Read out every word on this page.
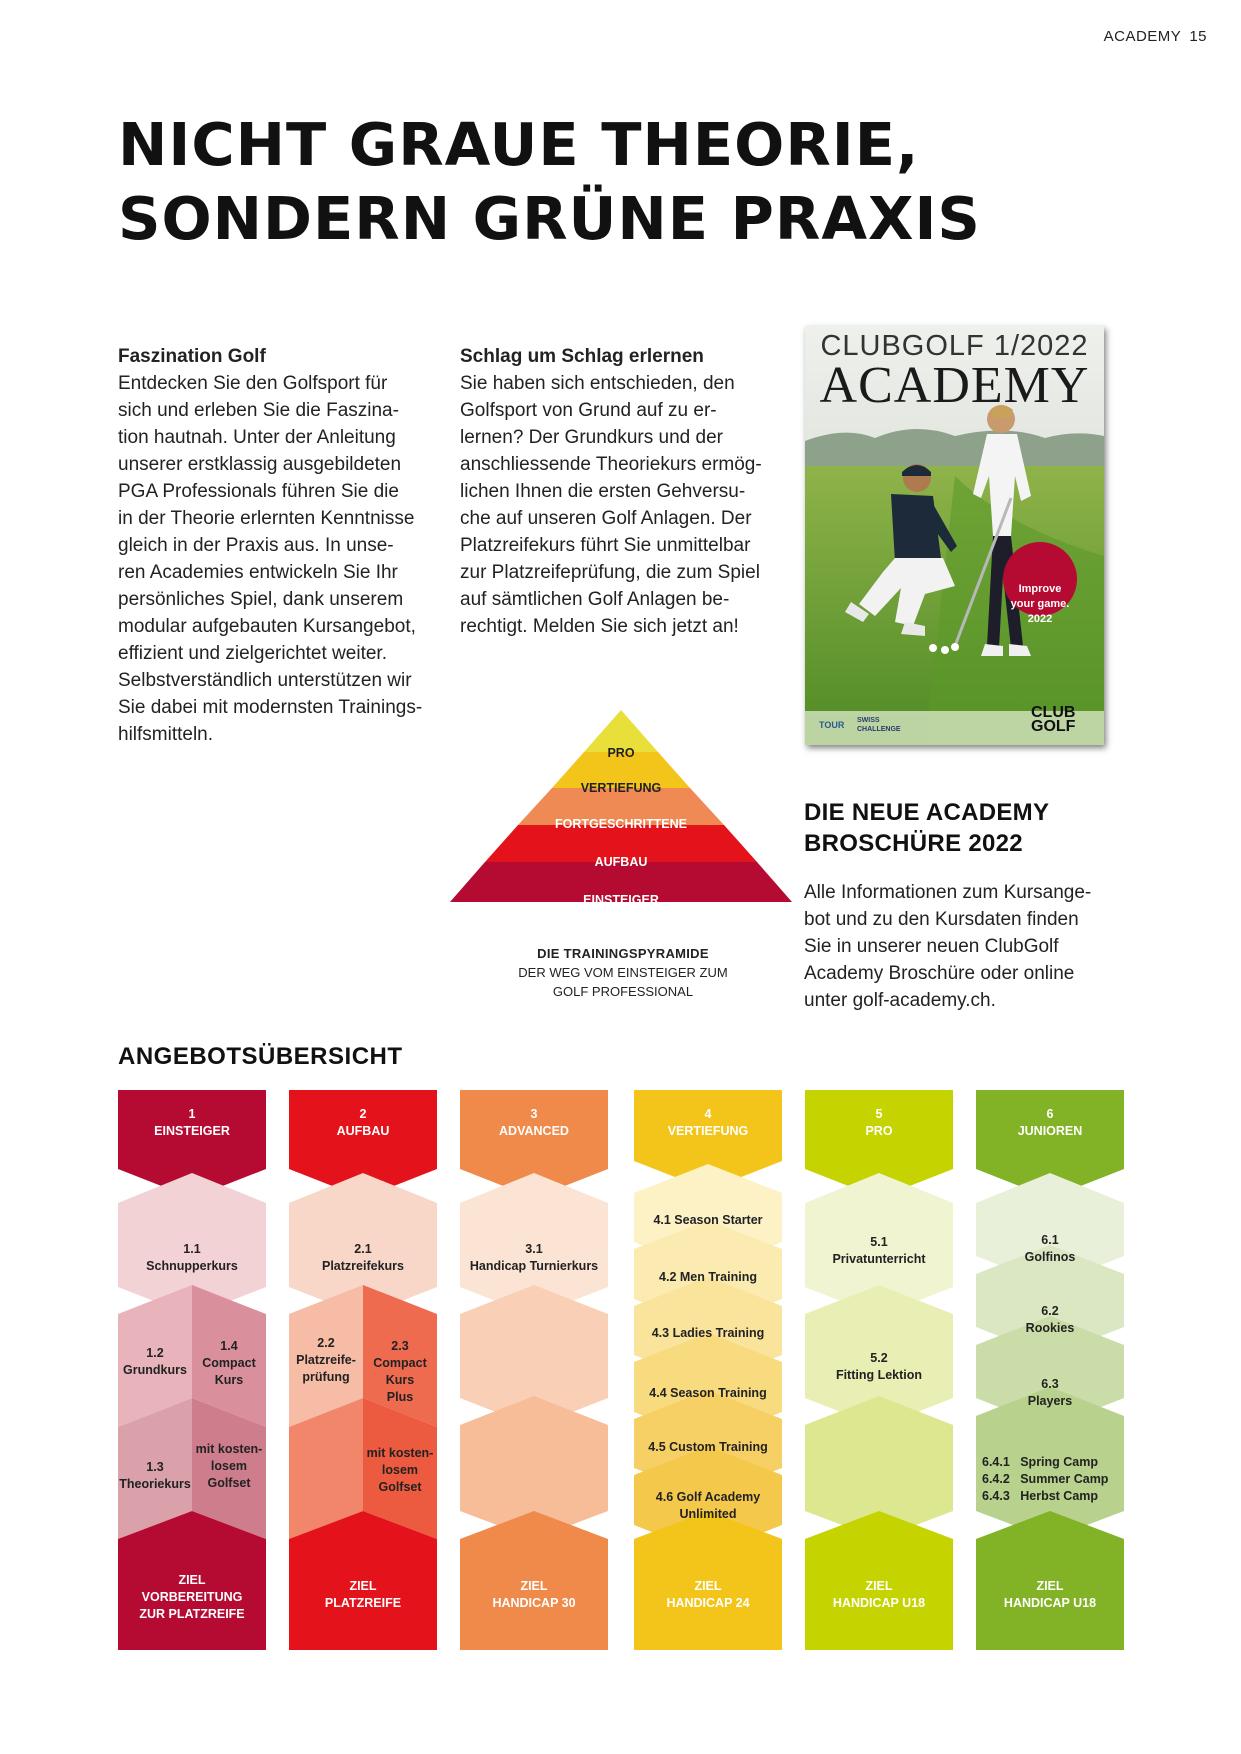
ACADEMY 15
NICHT GRAUE THEORIE,
SONDERN GRÜNE PRAXIS
Faszination Golf

Entdecken Sie den Golfsport für

sich und erleben Sie die Faszina-

tion hautnah. Unter der Anleitung

unserer erstklassig ausgebildeten

PGA Professionals führen Sie die

in der Theorie erlernten Kenntnisse

gleich in der Praxis aus. In unse-

ren Academies entwickeln Sie Ihr

persönliches Spiel, dank unserem

modular aufgebauten Kursangebot,

effizient und zielgerichtet weiter.

Selbstverständlich unterstützen wir

Sie dabei mit modernsten Trainings-

hilfsmitteln.

Schlag um Schlag erlernen

Sie haben sich entschieden, den

Golfsport von Grund auf zu er-

lernen? Der Grundkurs und der

anschliessende Theoriekurs ermög-

lichen Ihnen die ersten Gehversu-

che auf unseren Golf Anlagen. Der

Platzreifekurs führt Sie unmittelbar

zur Platzreifeprüfung, die zum Spiel

auf sämtlichen Golf Anlagen be-

rechtigt. Melden Sie sich jetzt an!

CLUBGOLF 1/2022
ACADEMY
Improve
your game.
2022
TOUR SWISS
CHALLENGE
CLUB
GOLF
DIE NEUE ACADEMY
BROSCHÜRE 2022

Alle Informationen zum Kursange-

bot und zu den Kursdaten finden

Sie in unserer neuen ClubGolf

Academy Broschüre oder online

unter golf-academy.ch.

PRO
VERTIEFUNG
FORTGESCHRITTENE
AUFBAU
EINSTEIGER
DIE TRAININGSPYRAMIDE
DER WEG VOM EINSTEIGER ZUM
GOLF PROFESSIONAL
ANGEBOTSÜBERSICHT
1
EINSTEIGER
1.1
Schnupperkurs
1.2
Grundkurs
1.4
Compact
Kurs
1.3
Theoriekurs
mit kosten-
losem
Golfset
ZIEL
VORBEREITUNG
ZUR PLATZREIFE
2
AUFBAU
2.1
Platzreifekurs
2.2
Platzreife-
prüfung
2.3
Compact
Kurs
Plus
mit kosten-
losem
Golfset
ZIEL
PLATZREIFE
3
ADVANCED
3.1
Handicap Turnierkurs
ZIEL
HANDICAP 30
4
VERTIEFUNG
4.1 Season Starter
4.2 Men Training
4.3 Ladies Training
4.4 Season Training
4.5 Custom Training
4.6 Golf Academy
Unlimited
ZIEL
HANDICAP 24
5
PRO
5.1
Privatunterricht
5.2
Fitting Lektion
ZIEL
HANDICAP U18
6
JUNIOREN
6.1
Golfinos
6.2
Rookies
6.3
Players
6.4.1   Spring Camp
6.4.2   Summer Camp
6.4.3   Herbst Camp
ZIEL
HANDICAP U18
